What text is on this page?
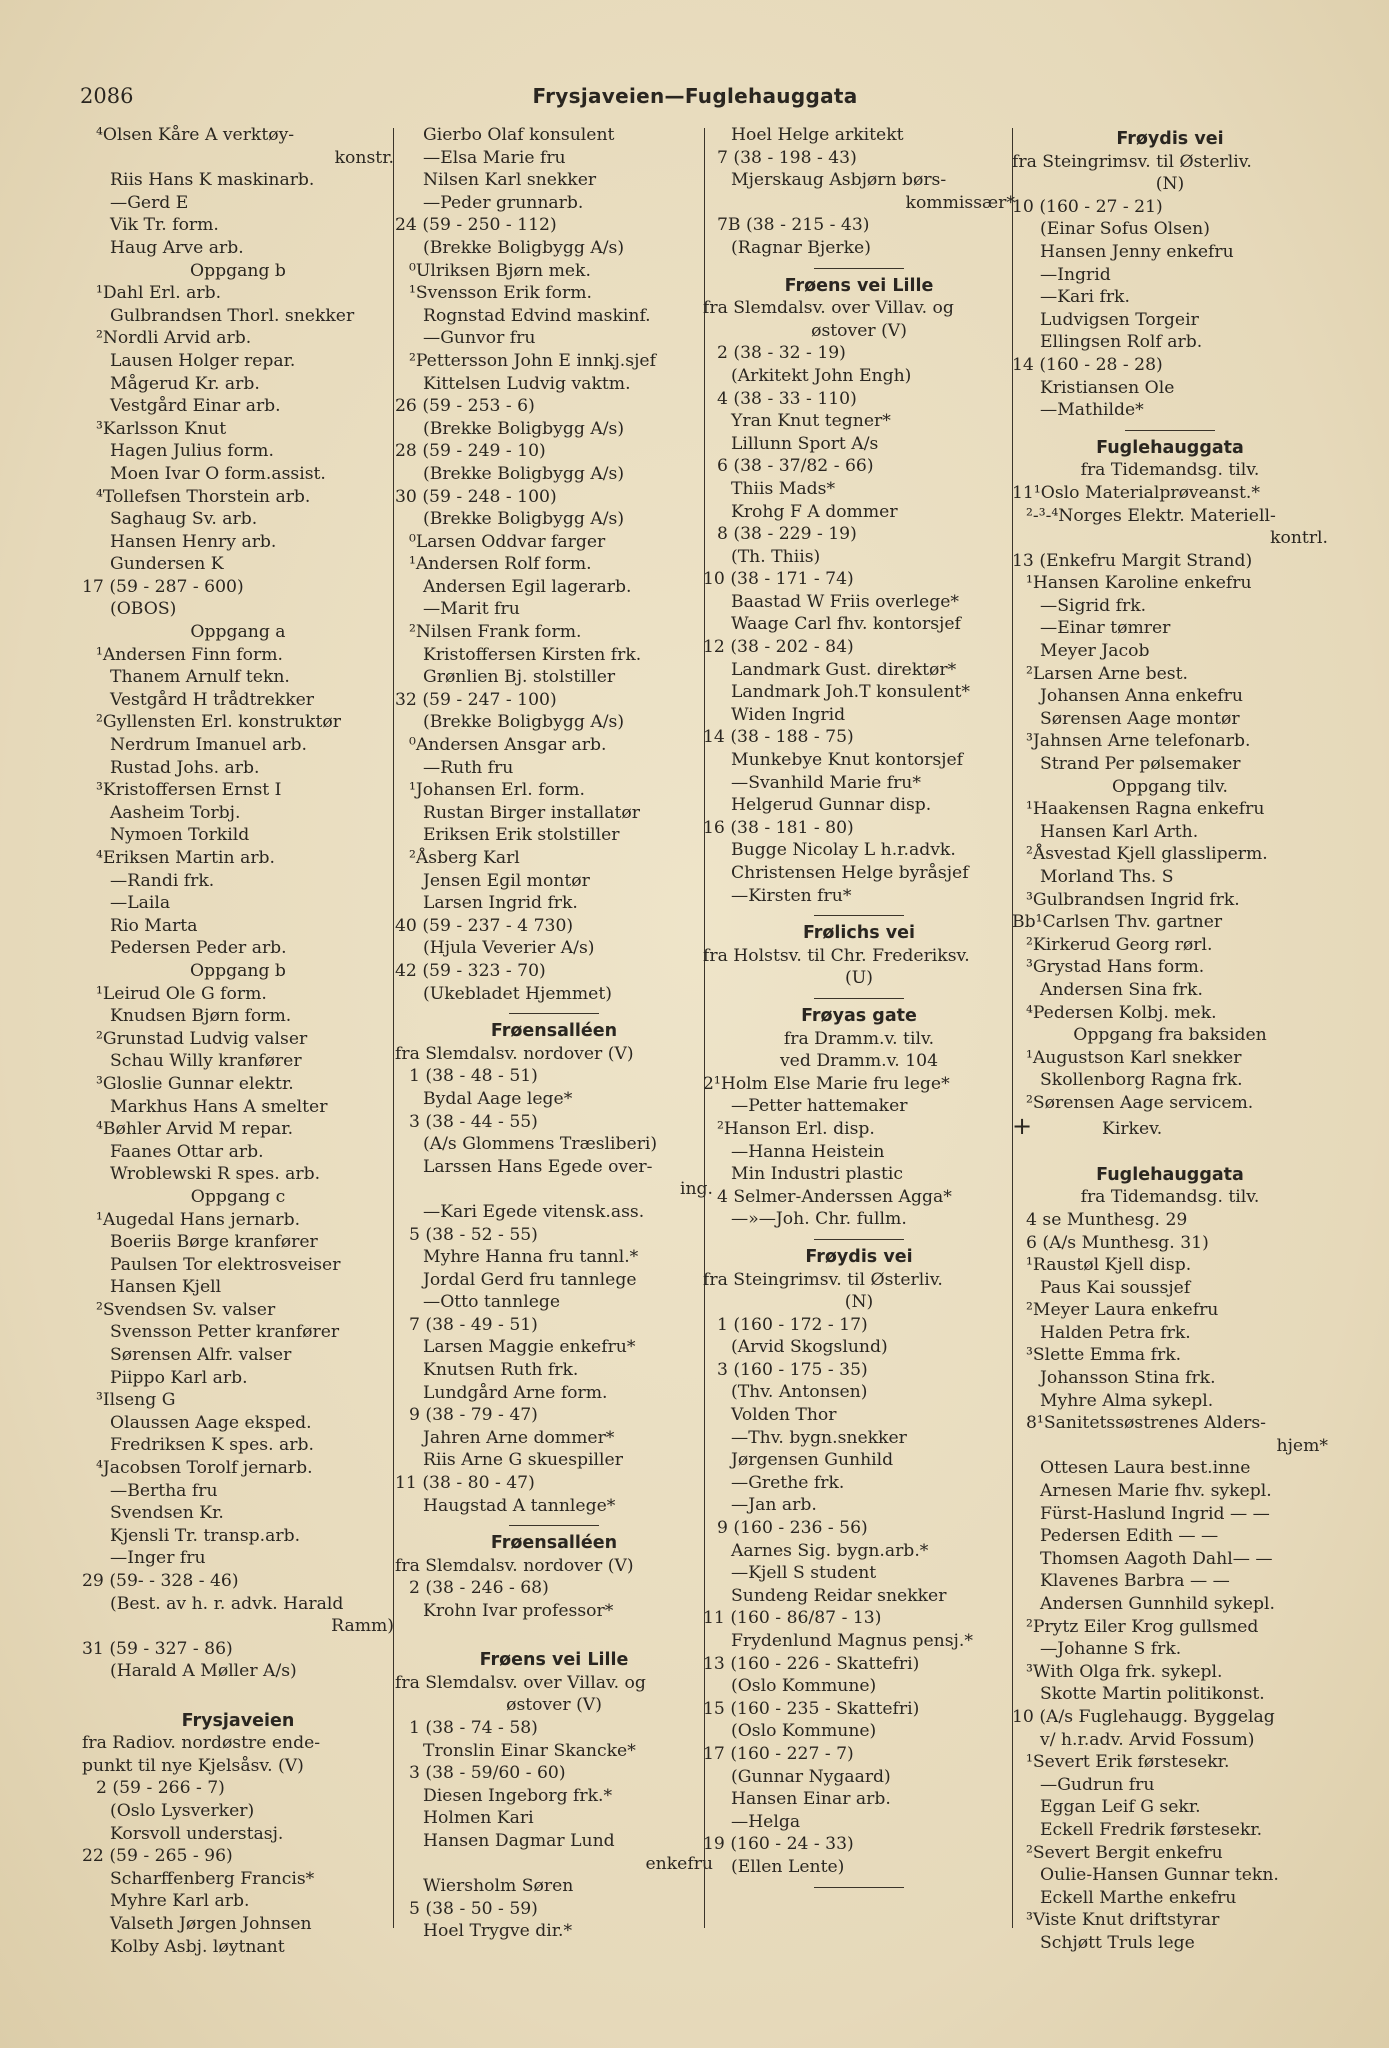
2086	Frysjaveien—Fuglehauggata
⁴Olsen Kåre A verktøy-
konstr.
Riis Hans K maskinarb.
—Gerd E
Vik Tr. form.
Haug Arve arb.
Oppgang b
¹Dahl Erl. arb.
Gulbrandsen Thorl. snekker
²Nordli Arvid arb.
Lausen Holger repar.
Mågerud Kr. arb.
Vestgård Einar arb.
³Karlsson Knut
Hagen Julius form.
Moen Ivar O form.assist.
⁴Tollefsen Thorstein arb.
Saghaug Sv. arb.
Hansen Henry arb.
Gundersen K
17 (59 - 287 - 600)
(OBOS)
Oppgang a
¹Andersen Finn form.
Thanem Arnulf tekn.
Vestgård H trådtrekker
²Gyllensten Erl. konstruktør
Nerdrum Imanuel arb.
Rustad Johs. arb.
³Kristoffersen Ernst I
Aasheim Torbj.
Nymoen Torkild
⁴Eriksen Martin arb.
—Randi frk.
—Laila
Rio Marta
Pedersen Peder arb.
Oppgang b
¹Leirud Ole G form.
Knudsen Bjørn form.
²Grunstad Ludvig valser
Schau Willy kranfører
³Gloslie Gunnar elektr.
Markhus Hans A smelter
⁴Bøhler Arvid M repar.
Faanes Ottar arb.
Wroblewski R spes. arb.
Oppgang c
¹Augedal Hans jernarb.
Boeriis Børge kranfører
Paulsen Tor elektrosveiser
Hansen Kjell
²Svendsen Sv. valser
Svensson Petter kranfører
Sørensen Alfr. valser
Piippo Karl arb.
³Ilseng G
Olaussen Aage eksped.
Fredriksen K spes. arb.
⁴Jacobsen Torolf jernarb.
—Bertha fru
Svendsen Kr.
Kjensli Tr. transp.arb.
—Inger fru
29 (59- - 328 - 46)
(Best. av h. r. advk. Harald
Ramm)
31 (59 - 327 - 86)
(Harald A Møller A/s)
Frysjaveien
fra Radiov. nordøstre ende-
punkt til nye Kjelsåsv. (V)
2 (59 - 266 - 7)
(Oslo Lysverker)
Korsvoll understasj.
22 (59 - 265 - 96)
Scharffenberg Francis*
Myhre Karl arb.
Valseth Jørgen Johnsen
Kolby Asbj. løytnant
Gierbo Olaf konsulent
—Elsa Marie fru
Nilsen Karl snekker
—Peder grunnarb.
24 (59 - 250 - 112)
(Brekke Boligbygg A/s)
⁰Ulriksen Bjørn mek.
¹Svensson Erik form.
Rognstad Edvind maskinf.
—Gunvor fru
²Pettersson John E innkj.sjef
Kittelsen Ludvig vaktm.
26 (59 - 253 - 6)
(Brekke Boligbygg A/s)
28 (59 - 249 - 10)
(Brekke Boligbygg A/s)
30 (59 - 248 - 100)
(Brekke Boligbygg A/s)
⁰Larsen Oddvar farger
¹Andersen Rolf form.
Andersen Egil lagerarb.
—Marit fru
²Nilsen Frank form.
Kristoffersen Kirsten frk.
Grønlien Bj. stolstiller
32 (59 - 247 - 100)
(Brekke Boligbygg A/s)
⁰Andersen Ansgar arb.
—Ruth fru
¹Johansen Erl. form.
Rustan Birger installatør
Eriksen Erik stolstiller
²Åsberg Karl
Jensen Egil montør
Larsen Ingrid frk.
40 (59 - 237 - 4 730)
(Hjula Veverier A/s)
42 (59 - 323 - 70)
(Ukebladet Hjemmet)
Frøensalléen
fra Slemdalsv. nordover (V)
1 (38 - 48 - 51)
Bydal Aage lege*
3 (38 - 44 - 55)
(A/s Glommens Træsliberi)
Larssen Hans Egede over-
ing.
—Kari Egede vitensk.ass.
5 (38 - 52 - 55)
Myhre Hanna fru tannl.*
Jordal Gerd fru tannlege
—Otto tannlege
7 (38 - 49 - 51)
Larsen Maggie enkefru*
Knutsen Ruth frk.
Lundgård Arne form.
9 (38 - 79 - 47)
Jahren Arne dommer*
Riis Arne G skuespiller
11 (38 - 80 - 47)
Haugstad A tannlege*
Frøensalléen
fra Slemdalsv. nordover (V)
2 (38 - 246 - 68)
Krohn Ivar professor*
Frøens vei Lille
fra Slemdalsv. over Villav. og
østover (V)
1 (38 - 74 - 58)
Tronslin Einar Skancke*
3 (38 - 59/60 - 60)
Diesen Ingeborg frk.*
Holmen Kari
Hansen Dagmar Lund
enkefru
Wiersholm Søren
5 (38 - 50 - 59)
Hoel Trygve dir.*
Hoel Helge arkitekt
7 (38 - 198 - 43)
Mjerskaug Asbjørn børs-
kommissær*
7B (38 - 215 - 43)
(Ragnar Bjerke)
Frøens vei Lille
fra Slemdalsv. over Villav. og
østover (V)
2 (38 - 32 - 19)
(Arkitekt John Engh)
4 (38 - 33 - 110)
Yran Knut tegner*
Lillunn Sport A/s
6 (38 - 37/82 - 66)
Thiis Mads*
Krohg F A dommer
8 (38 - 229 - 19)
(Th. Thiis)
10 (38 - 171 - 74)
Baastad W Friis overlege*
Waage Carl fhv. kontorsjef
12 (38 - 202 - 84)
Landmark Gust. direktør*
Landmark Joh.T konsulent*
Widen Ingrid
14 (38 - 188 - 75)
Munkebye Knut kontorsjef
—Svanhild Marie fru*
Helgerud Gunnar disp.
16 (38 - 181 - 80)
Bugge Nicolay L h.r.advk.
Christensen Helge byråsjef
—Kirsten fru*
Frølichs vei
fra Holstsv. til Chr. Frederiksv.
(U)
Frøyas gate
fra Dramm.v. tilv.
ved Dramm.v. 104
2¹Holm Else Marie fru lege*
—Petter hattemaker
²Hanson Erl. disp.
—Hanna Heistein
Min Industri plastic
4 Selmer-Anderssen Agga*
—»—Joh. Chr. fullm.
Frøydis vei
fra Steingrimsv. til Østerliv.
(N)
1 (160 - 172 - 17)
(Arvid Skogslund)
3 (160 - 175 - 35)
(Thv. Antonsen)
Volden Thor
—Thv. bygn.snekker
Jørgensen Gunhild
—Grethe frk.
—Jan arb.
9 (160 - 236 - 56)
Aarnes Sig. bygn.arb.*
—Kjell S student
Sundeng Reidar snekker
11 (160 - 86/87 - 13)
Frydenlund Magnus pensj.*
13 (160 - 226 - Skattefri)
(Oslo Kommune)
15 (160 - 235 - Skattefri)
(Oslo Kommune)
17 (160 - 227 - 7)
(Gunnar Nygaard)
Hansen Einar arb.
—Helga
19 (160 - 24 - 33)
(Ellen Lente)
Frøydis vei
fra Steingrimsv. til Østerliv.
(N)
10 (160 - 27 - 21)
(Einar Sofus Olsen)
Hansen Jenny enkefru
—Ingrid
—Kari frk.
Ludvigsen Torgeir
Ellingsen Rolf arb.
14 (160 - 28 - 28)
Kristiansen Ole
—Mathilde*
Fuglehauggata
fra Tidemandsg. tilv.
11¹Oslo Materialprøveanst.*
²-³-⁴Norges Elektr. Materiell-
kontrl.
13 (Enkefru Margit Strand)
¹Hansen Karoline enkefru
—Sigrid frk.
—Einar tømrer
Meyer Jacob
²Larsen Arne best.
Johansen Anna enkefru
Sørensen Aage montør
³Jahnsen Arne telefonarb.
Strand Per pølsemaker
Oppgang tilv.
¹Haakensen Ragna enkefru
Hansen Karl Arth.
²Åsvestad Kjell glassliperm.
Morland Ths. S
³Gulbrandsen Ingrid frk.
Bb¹Carlsen Thv. gartner
²Kirkerud Georg rørl.
³Grystad Hans form.
Andersen Sina frk.
⁴Pedersen Kolbj. mek.
Oppgang fra baksiden
¹Augustson Karl snekker
Skollenborg Ragna frk.
²Sørensen Aage servicem.
+	Kirkev.
Fuglehauggata
fra Tidemandsg. tilv.
4 se Munthesg. 29
6 (A/s Munthesg. 31)
¹Raustøl Kjell disp.
Paus Kai soussjef
²Meyer Laura enkefru
Halden Petra frk.
³Slette Emma frk.
Johansson Stina frk.
Myhre Alma sykepl.
8¹Sanitetssøstrenes Alders-
hjem*
Ottesen Laura best.inne
Arnesen Marie fhv. sykepl.
Fürst-Haslund Ingrid — —
Pedersen Edith — —
Thomsen Aagoth Dahl— —
Klavenes Barbra — —
Andersen Gunnhild sykepl.
²Prytz Eiler Krog gullsmed
—Johanne S frk.
³With Olga frk. sykepl.
Skotte Martin politikonst.
10 (A/s Fuglehaugg. Byggelag
v/ h.r.adv. Arvid Fossum)
¹Severt Erik førstesekr.
—Gudrun fru
Eggan Leif G sekr.
Eckell Fredrik førstesekr.
²Severt Bergit enkefru
Oulie-Hansen Gunnar tekn.
Eckell Marthe enkefru
³Viste Knut driftstyrar
Schjøtt Truls lege
